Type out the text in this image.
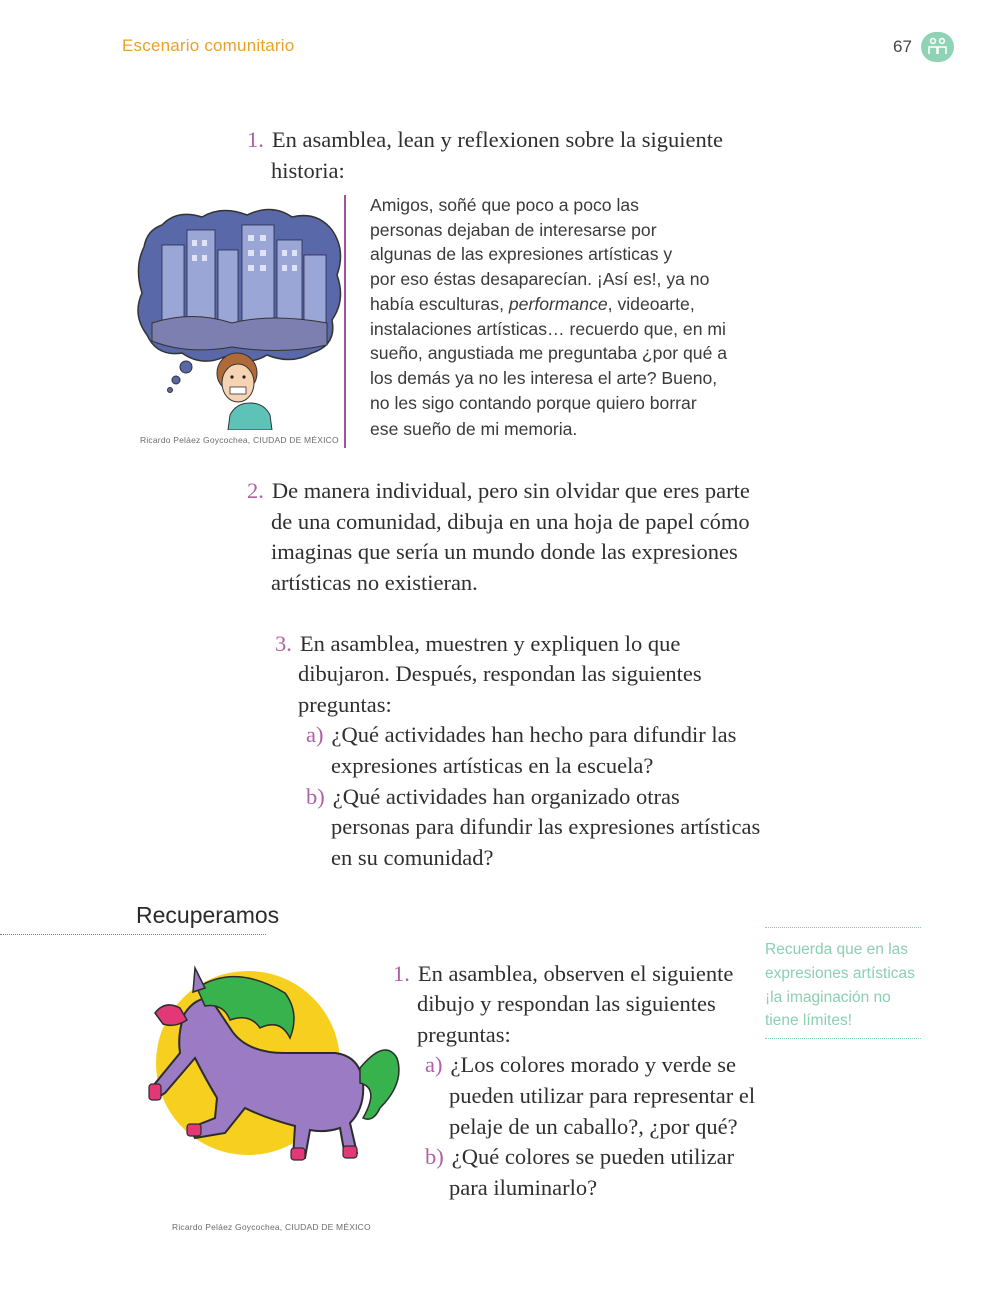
Escenario comunitario	67
1. En asamblea, lean y reflexionen sobre la siguiente
historia:
Ricardo Peláez Goycochea, CIUDAD DE MÉXICO
Amigos, soñé que poco a poco las
personas dejaban de interesarse por
algunas de las expresiones artísticas y
por eso éstas desaparecían. ¡Así es!, ya no
había esculturas, performance, videoarte,
instalaciones artísticas… recuerdo que, en mi
sueño, angustiada me preguntaba ¿por qué a
los demás ya no les interesa el arte? Bueno,
no les sigo contando porque quiero borrar
ese sueño de mi memoria.
2. De manera individual, pero sin olvidar que eres parte
de una comunidad, dibuja en una hoja de papel cómo
imaginas que sería un mundo donde las expresiones
artísticas no existieran.
3. En asamblea, muestren y expliquen lo que
dibujaron. Después, respondan las siguientes
preguntas:
a) ¿Qué actividades han hecho para difundir las
expresiones artísticas en la escuela?
b) ¿Qué actividades han organizado otras
personas para difundir las expresiones artísticas
en su comunidad?
Recuperamos
Recuerda que en las
expresiones artísticas
¡la imaginación no
tiene límites!
Ricardo Peláez Goycochea, CIUDAD DE MÉXICO
1. En asamblea, observen el siguiente
dibujo y respondan las siguientes
preguntas:
a) ¿Los colores morado y verde se
pueden utilizar para representar el
pelaje de un caballo?, ¿por qué?
b) ¿Qué colores se pueden utilizar
para iluminarlo?
